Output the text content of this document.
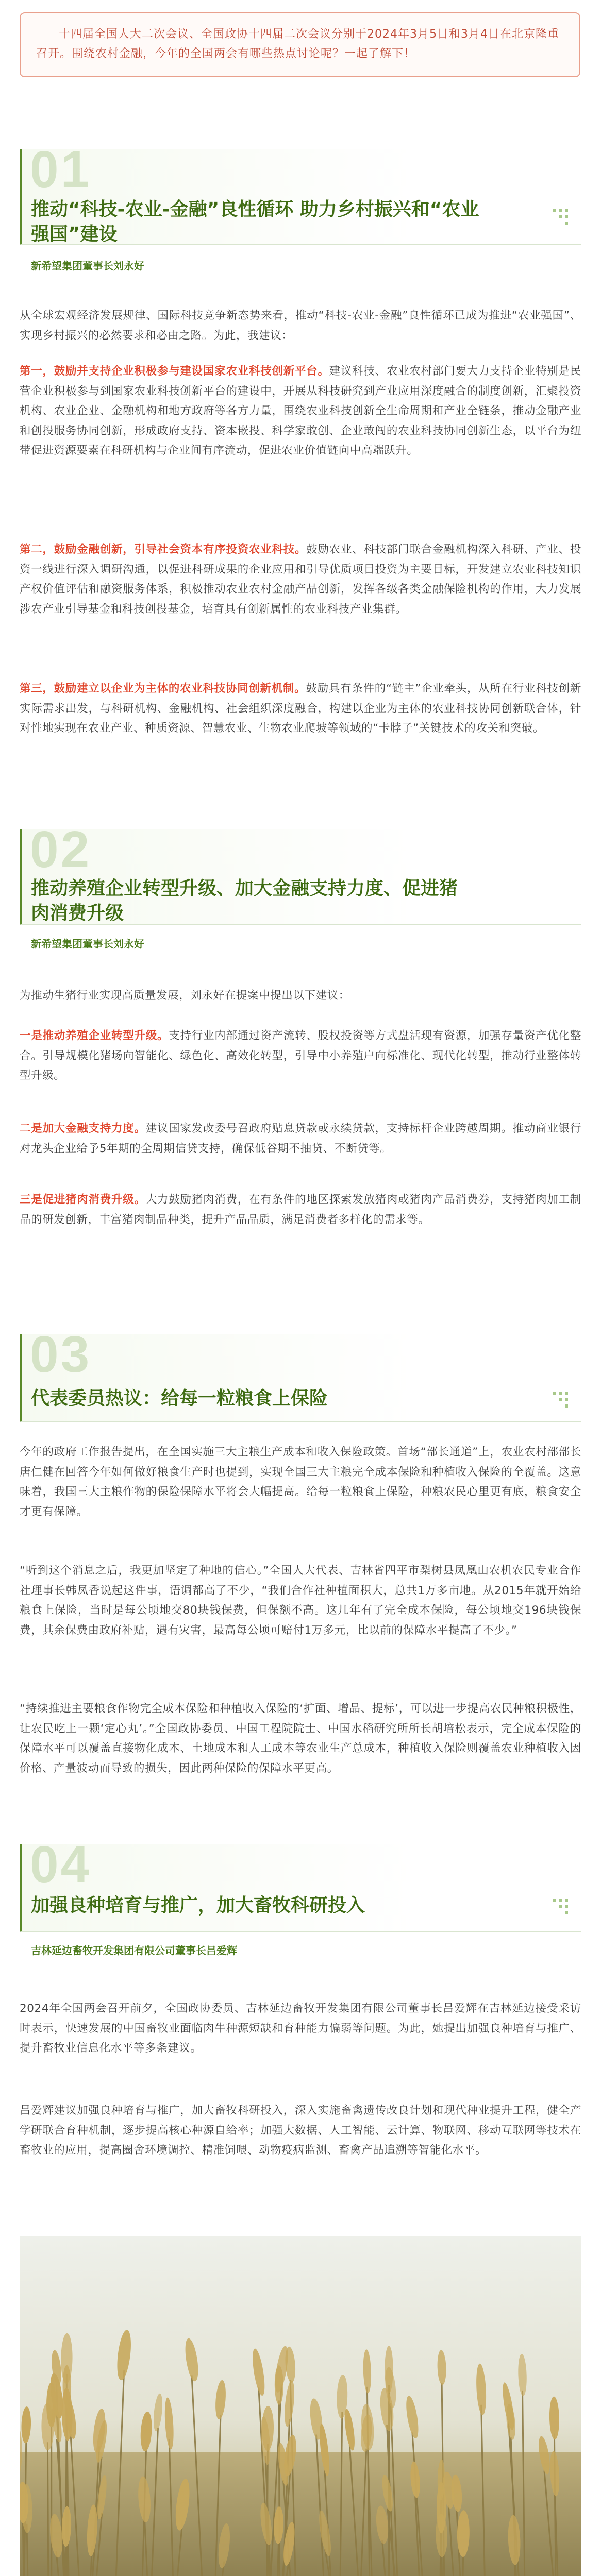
十四届全国人大二次会议、全国政协十四届二次会议分别于2024年3月5日和3月4日在北京隆重召开。围绕农村金融，今年的全国两会有哪些热点讨论呢？一起了解下！

01

推动“科技-农业-金融”良性循环 助力乡村振兴和“农业

强国”建设

新希望集团董事长刘永好

从全球宏观经济发展规律、国际科技竞争新态势来看，推动“科技-农业-金融”良性循环已成为推进“农业强国”、实现乡村振兴的必然要求和必由之路。为此，我建议：

第一，鼓励并支持企业积极参与建设国家农业科技创新平台。建议科技、农业农村部门要大力支持企业特别是民营企业积极参与到国家农业科技创新平台的建设中，开展从科技研究到产业应用深度融合的制度创新，汇聚投资机构、农业企业、金融机构和地方政府等各方力量，围绕农业科技创新全生命周期和产业全链条，推动金融产业和创投服务协同创新，形成政府支持、资本嵌投、科学家敢创、企业敢闯的农业科技协同创新生态，以平台为纽带促进资源要素在科研机构与企业间有序流动，促进农业价值链向中高端跃升。

第二，鼓励金融创新，引导社会资本有序投资农业科技。鼓励农业、科技部门联合金融机构深入科研、产业、投资一线进行深入调研沟通，以促进科研成果的企业应用和引导优质项目投资为主要目标，开发建立农业科技知识产权价值评估和融资服务体系，积极推动农业农村金融产品创新，发挥各级各类金融保险机构的作用，大力发展涉农产业引导基金和科技创投基金，培育具有创新属性的农业科技产业集群。

第三，鼓励建立以企业为主体的农业科技协同创新机制。鼓励具有条件的“链主”企业牵头，从所在行业科技创新实际需求出发，与科研机构、金融机构、社会组织深度融合，构建以企业为主体的农业科技协同创新联合体，针对性地实现在农业产业、种质资源、智慧农业、生物农业爬坡等领域的“卡脖子”关键技术的攻关和突破。

02

推动养殖企业转型升级、加大金融支持力度、促进猪

肉消费升级

新希望集团董事长刘永好

为推动生猪行业实现高质量发展，刘永好在提案中提出以下建议：

一是推动养殖企业转型升级。支持行业内部通过资产流转、股权投资等方式盘活现有资源，加强存量资产优化整合。引导规模化猪场向智能化、绿色化、高效化转型，引导中小养殖户向标准化、现代化转型，推动行业整体转型升级。

二是加大金融支持力度。建议国家发改委号召政府贴息贷款或永续贷款，支持标杆企业跨越周期。推动商业银行对龙头企业给予5年期的全周期信贷支持，确保低谷期不抽贷、不断贷等。

三是促进猪肉消费升级。大力鼓励猪肉消费，在有条件的地区探索发放猪肉或猪肉产品消费券，支持猪肉加工制品的研发创新，丰富猪肉制品种类，提升产品品质，满足消费者多样化的需求等。

03

代表委员热议：给每一粒粮食上保险

今年的政府工作报告提出，在全国实施三大主粮生产成本和收入保险政策。首场“部长通道”上，农业农村部部长唐仁健在回答今年如何做好粮食生产时也提到，实现全国三大主粮完全成本保险和种植收入保险的全覆盖。这意味着，我国三大主粮作物的保险保障水平将会大幅提高。给每一粒粮食上保险，种粮农民心里更有底，粮食安全才更有保障。

“听到这个消息之后，我更加坚定了种地的信心。”全国人大代表、吉林省四平市梨树县凤凰山农机农民专业合作社理事长韩凤香说起这件事，语调都高了不少，“我们合作社种植面积大，总共1万多亩地。从2015年就开始给粮食上保险，当时是每公顷地交80块钱保费，但保额不高。这几年有了完全成本保险，每公顷地交196块钱保费，其余保费由政府补贴，遇有灾害，最高每公顷可赔付1万多元，比以前的保障水平提高了不少。”

“持续推进主要粮食作物完全成本保险和种植收入保险的‘扩面、增品、提标’，可以进一步提高农民种粮积极性，让农民吃上一颗‘定心丸’。”全国政协委员、中国工程院院士、中国水稻研究所所长胡培松表示，完全成本保险的保障水平可以覆盖直接物化成本、土地成本和人工成本等农业生产总成本，种植收入保险则覆盖农业种植收入因价格、产量波动而导致的损失，因此两种保险的保障水平更高。

04

加强良种培育与推广，加大畜牧科研投入

吉林延边畜牧开发集团有限公司董事长吕爱辉

2024年全国两会召开前夕，全国政协委员、吉林延边畜牧开发集团有限公司董事长吕爱辉在吉林延边接受采访时表示，快速发展的中国畜牧业面临肉牛种源短缺和育种能力偏弱等问题。为此，她提出加强良种培育与推广、提升畜牧业信息化水平等多条建议。

吕爱辉建议加强良种培育与推广，加大畜牧科研投入，深入实施畜禽遗传改良计划和现代种业提升工程，健全产学研联合育种机制，逐步提高核心种源自给率；加强大数据、人工智能、云计算、物联网、移动互联网等技术在畜牧业的应用，提高圈舍环境调控、精准饲喂、动物疫病监测、畜禽产品追溯等智能化水平。
